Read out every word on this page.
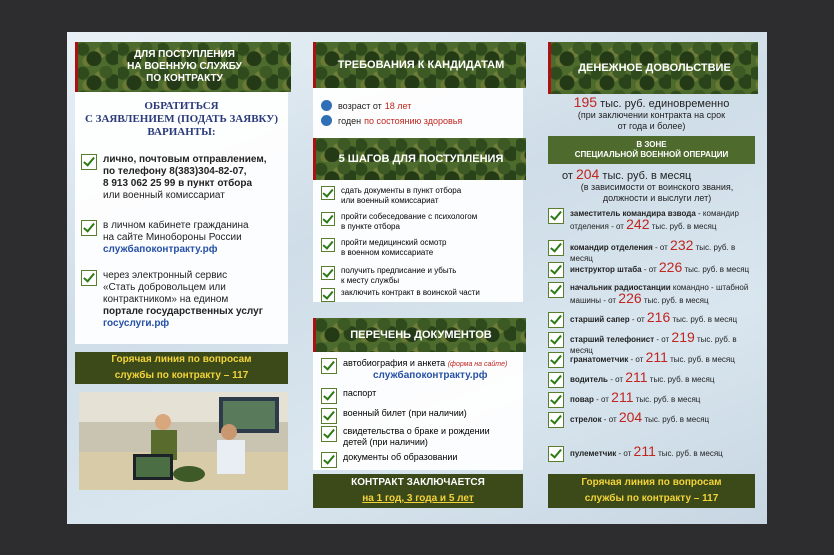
ДЛЯ ПОСТУПЛЕНИЯ
НА ВОЕННУЮ СЛУЖБУ
ПО КОНТРАКТУ
ОБРАТИТЬСЯ
С ЗАЯВЛЕНИЕМ (ПОДАТЬ ЗАЯВКУ)
ВАРИАНТЫ:
лично, почтовым отправлением,
по телефону 8(383)304-82-07,
8 913 062 25 99 в пункт отбора
или военный комиссариат
в личном кабинете гражданина
на сайте Минобороны России
службапоконтракту.рф
через электронный сервис
«Стать добровольцем или
контрактником» на едином
портале государственных услуг
госуслуги.рф
Горячая линия по вопросам
службы по контракту – 117
ТРЕБОВАНИЯ К КАНДИДАТАМ
возраст от 18 лет
годен по состоянию здоровья
5 ШАГОВ ДЛЯ ПОСТУПЛЕНИЯ
сдать документы в пункт отбора
или военный комиссариат
пройти собеседование с психологом
в пункте отбора
пройти медицинский осмотр
в военном комиссариате
получить предписание и убыть
к месту службы
заключить контракт в воинской части
ПЕРЕЧЕНЬ ДОКУМЕНТОВ
автобиография и анкета (форма на сайте)
службапоконтракту.рф
паспорт
военный билет (при наличии)
свидетельства о браке и рождении
детей (при наличии)
документы об образовании
КОНТРАКТ ЗАКЛЮЧАЕТСЯ
на 1 год, 3 года и 5 лет
ДЕНЕЖНОЕ ДОВОЛЬСТВИЕ
195 тыс. руб. единовременно
(при заключении контракта на срок
от года и более)
В ЗОНЕ
СПЕЦИАЛЬНОЙ ВОЕННОЙ ОПЕРАЦИИ
от 204 тыс. руб. в месяц
(в зависимости от воинского звания,
должности и выслуги лет)
заместитель командира взвода - командир отделения - от 242 тыс. руб. в месяц
командир отделения - от 232 тыс. руб. в месяц
инструктор штаба - от 226 тыс. руб. в месяц
начальник радиостанции командно - штабной машины - от 226 тыс. руб. в месяц
старший сапер - от 216 тыс. руб. в месяц
старший телефонист - от 219 тыс. руб. в месяц
гранатометчик - от 211 тыс. руб. в месяц
водитель - от 211 тыс. руб. в месяц
повар - от 211 тыс. руб. в месяц
стрелок - от 204 тыс. руб. в месяц
пулеметчик - от 211 тыс. руб. в месяц
Горячая линия по вопросам
службы по контракту – 117
